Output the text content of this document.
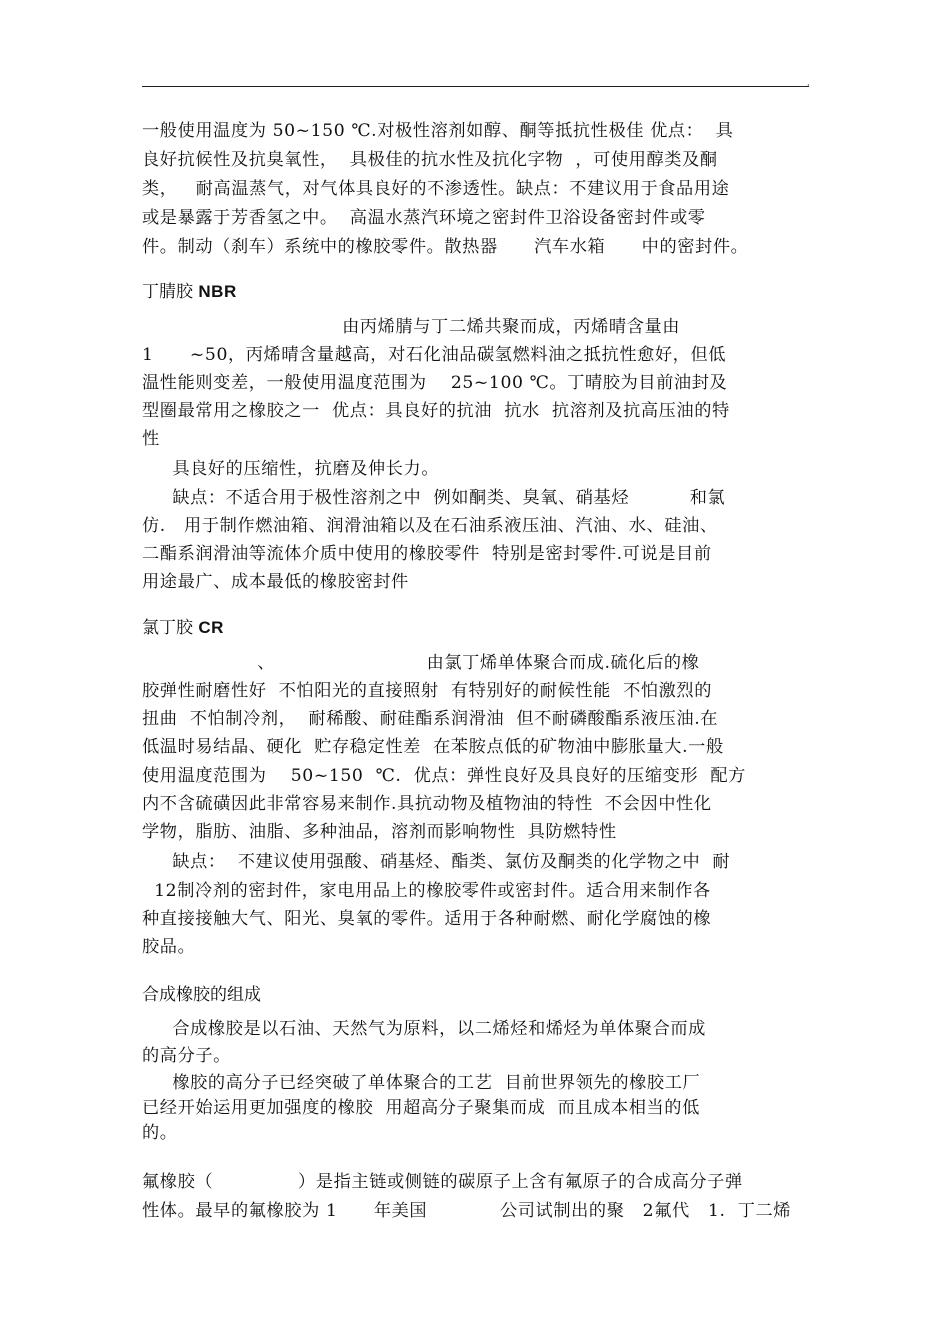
'
一般使用温度为 50~150 ℃.对极性溶剂如醇、酮等抵抗性极佳 优点：  具
良好抗候性及抗臭氧性，  具极佳的抗水性及抗化字物  ，可使用醇类及酮
类，   耐高温蒸气，对气体具良好的不渗透性。缺点：不建议用于食品用途
或是暴露于芳香氢之中。  高温水蒸汽环境之密封件卫浴设备密封件或零
件。制动（刹车）系统中的橡胶零件。散热器      汽车水箱      中的密封件。
丁腈胶 NBR
由丙烯腈与丁二烯共聚而成，丙烯晴含量由
1      ~50，丙烯晴含量越高，对石化油品碳氢燃料油之抵抗性愈好，但低
温性能则变差，一般使用温度范围为    25~100 ℃。丁晴胶为目前油封及
型圈最常用之橡胶之一  优点：具良好的抗油  抗水  抗溶剂及抗高压油的特
性
具良好的压缩性，抗磨及伸长力。
缺点：不适合用于极性溶剂之中  例如酮类、臭氧、硝基烃          和氯
仿.   用于制作燃油箱、润滑油箱以及在石油系液压油、汽油、水、硅油、
二酯系润滑油等流体介质中使用的橡胶零件  特别是密封零件.可说是目前
用途最广、成本最低的橡胶密封件
氯丁胶 CR
、                         由氯丁烯单体聚合而成.硫化后的橡
胶弹性耐磨性好  不怕阳光的直接照射  有特别好的耐候性能  不怕激烈的
扭曲  不怕制冷剂，  耐稀酸、耐硅酯系润滑油  但不耐磷酸酯系液压油.在
低温时易结晶、硬化  贮存稳定性差  在苯胺点低的矿物油中膨胀量大.一般
使用温度范围为    50~150  ℃.  优点：弹性良好及具良好的压缩变形  配方
内不含硫磺因此非常容易来制作.具抗动物及植物油的特性  不会因中性化
学物，脂肪、油脂、多种油品，溶剂而影响物性  具防燃特性
缺点：  不建议使用强酸、硝基烃、酯类、氯仿及酮类的化学物之中  耐
12制冷剂的密封件，家电用品上的橡胶零件或密封件。适合用来制作各
种直接接触大气、阳光、臭氧的零件。适用于各种耐燃、耐化学腐蚀的橡
胶品。
合成橡胶的组成
合成橡胶是以石油、天然气为原料，以二烯烃和烯烃为单体聚合而成
的高分子。
橡胶的高分子已经突破了单体聚合的工艺  目前世界领先的橡胶工厂
已经开始运用更加强度的橡胶  用超高分子聚集而成  而且成本相当的低
的。
氟橡胶（              ）是指主链或侧链的碳原子上含有氟原子的合成高分子弹
性体。最早的氟橡胶为 1      年美国            公司试制出的聚   2氟代   1.  丁二烯
